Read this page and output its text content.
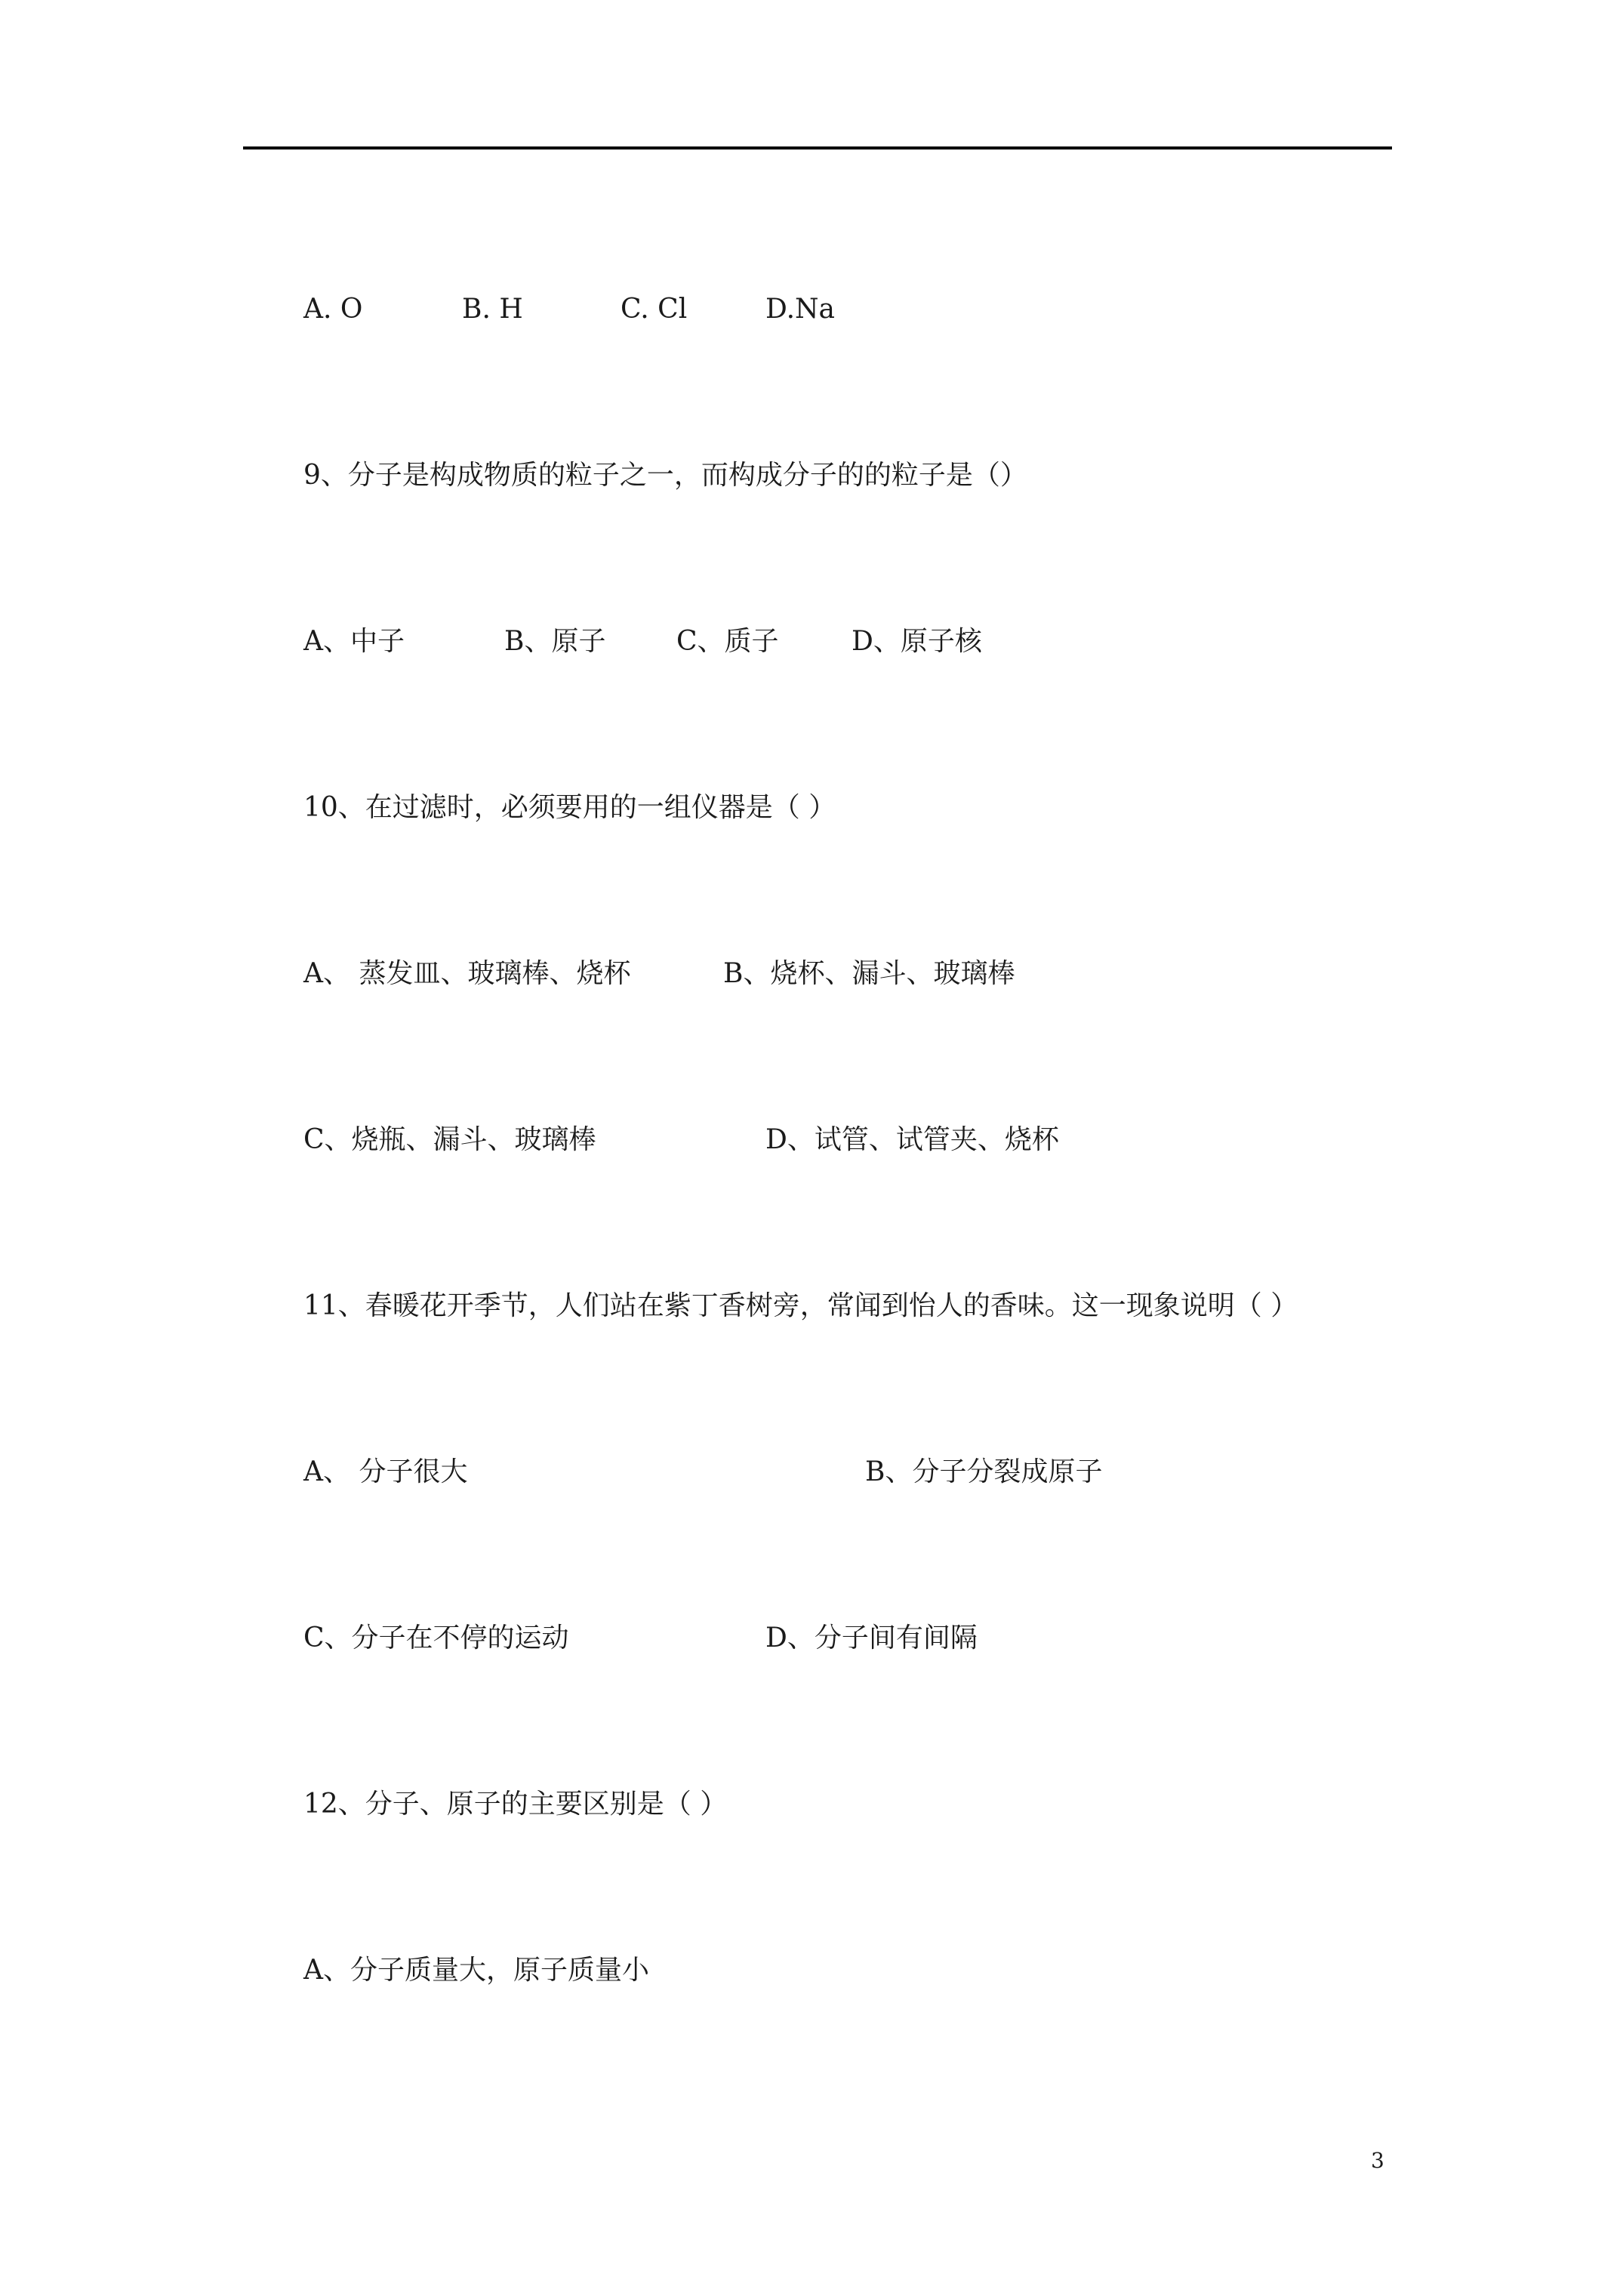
A. O	B. H	C. Cl	D.Na
9、分子是构成物质的粒子之一，而构成分子的的粒子是（）
A、中子	B、原子	C、质子	D、原子核
10、在过滤时，必须要用的一组仪器是（ ）
A、 蒸发皿、玻璃棒、烧杯	B、烧杯、漏斗、玻璃棒
C、烧瓶、漏斗、玻璃棒	D、试管、试管夹、烧杯
11、春暖花开季节，人们站在紫丁香树旁，常闻到怡人的香味。这一现象说明（ ）
A、 分子很大	B、分子分裂成原子
C、分子在不停的运动	D、分子间有间隔
12、分子、原子的主要区别是（ ）
A、分子质量大，原子质量小
3
